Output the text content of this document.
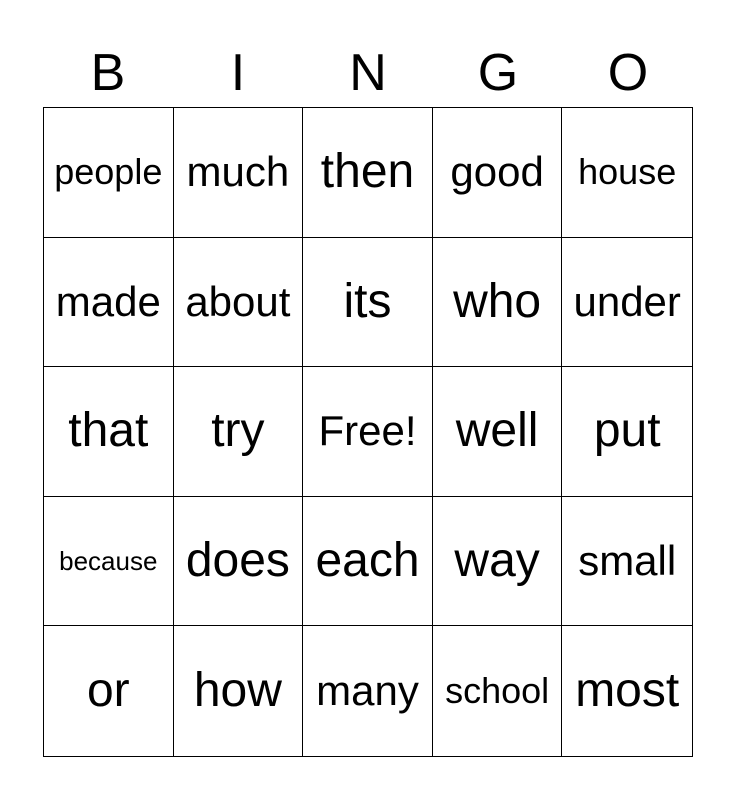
B	I	N	G	O
people much then good house
made about its who under
that try Free! well put
because does each way small
or how many school most
